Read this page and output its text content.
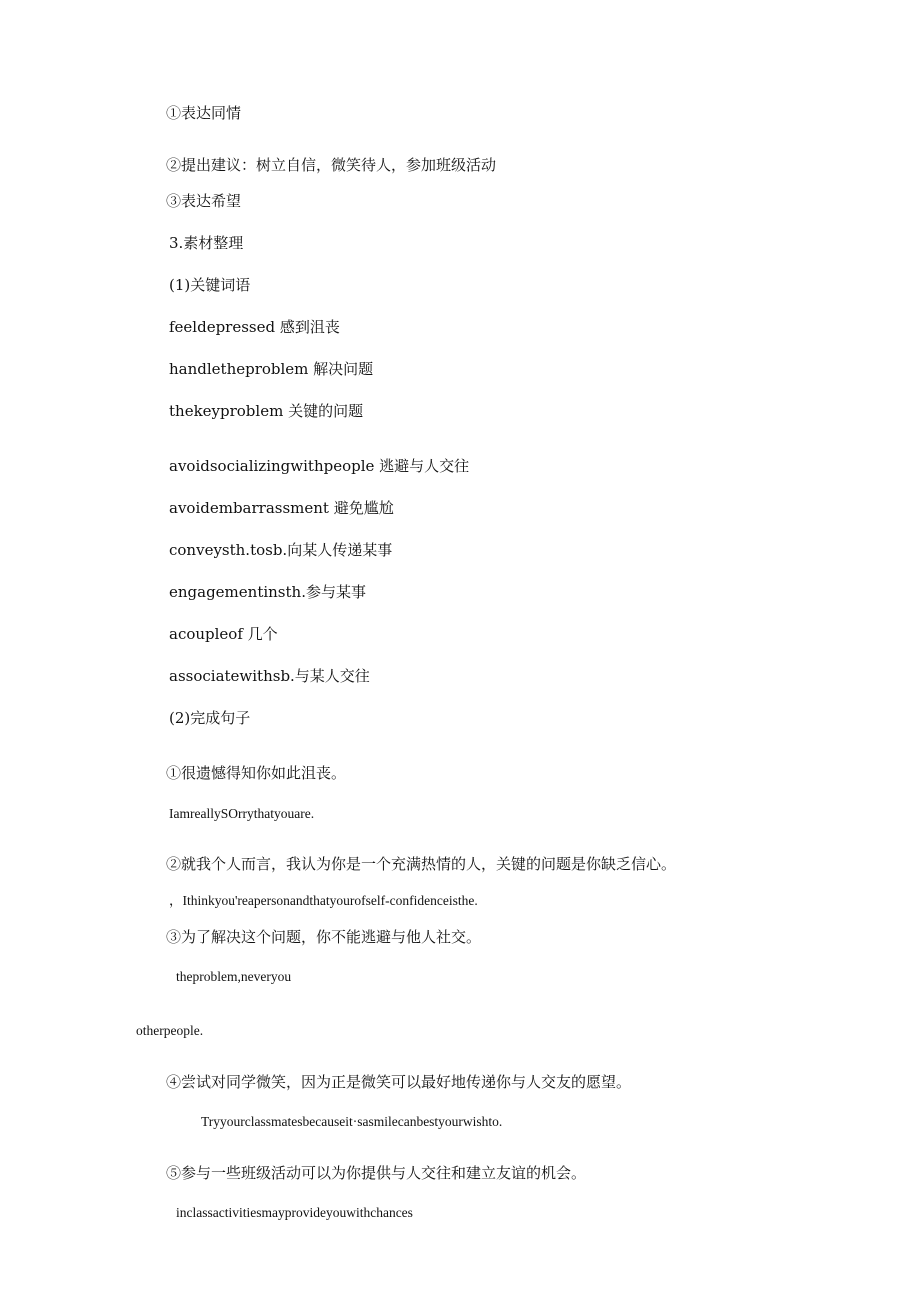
①表达同情
②提出建议：树立自信，微笑待人，参加班级活动
③表达希望
3.素材整理
(1)关键词语
feeldepressed 感到沮丧
handletheproblem 解决问题
thekeyproblem 关键的问题
avoidsocializingwithpeople 逃避与人交往
avoidembarrassment 避免尴尬
conveysth.tosb.向某人传递某事
engagementinsth.参与某事
acoupleof 几个
associatewithsb.与某人交往
(2)完成句子
①很遗憾得知你如此沮丧。
IamreallySOrrythatyouare.
②就我个人而言，我认为你是一个充满热情的人，关键的问题是你缺乏信心。
，Ithinkyou'reapersonandthatyourofself-confidenceisthe.
③为了解决这个问题，你不能逃避与他人社交。
theproblem,neveryou
otherpeople.
④尝试对同学微笑，因为正是微笑可以最好地传递你与人交友的愿望。
Tryyourclassmatesbecauseit·sasmilecanbestyourwishto.
⑤参与一些班级活动可以为你提供与人交往和建立友谊的机会。
inclassactivitiesmayprovideyouwithchances
